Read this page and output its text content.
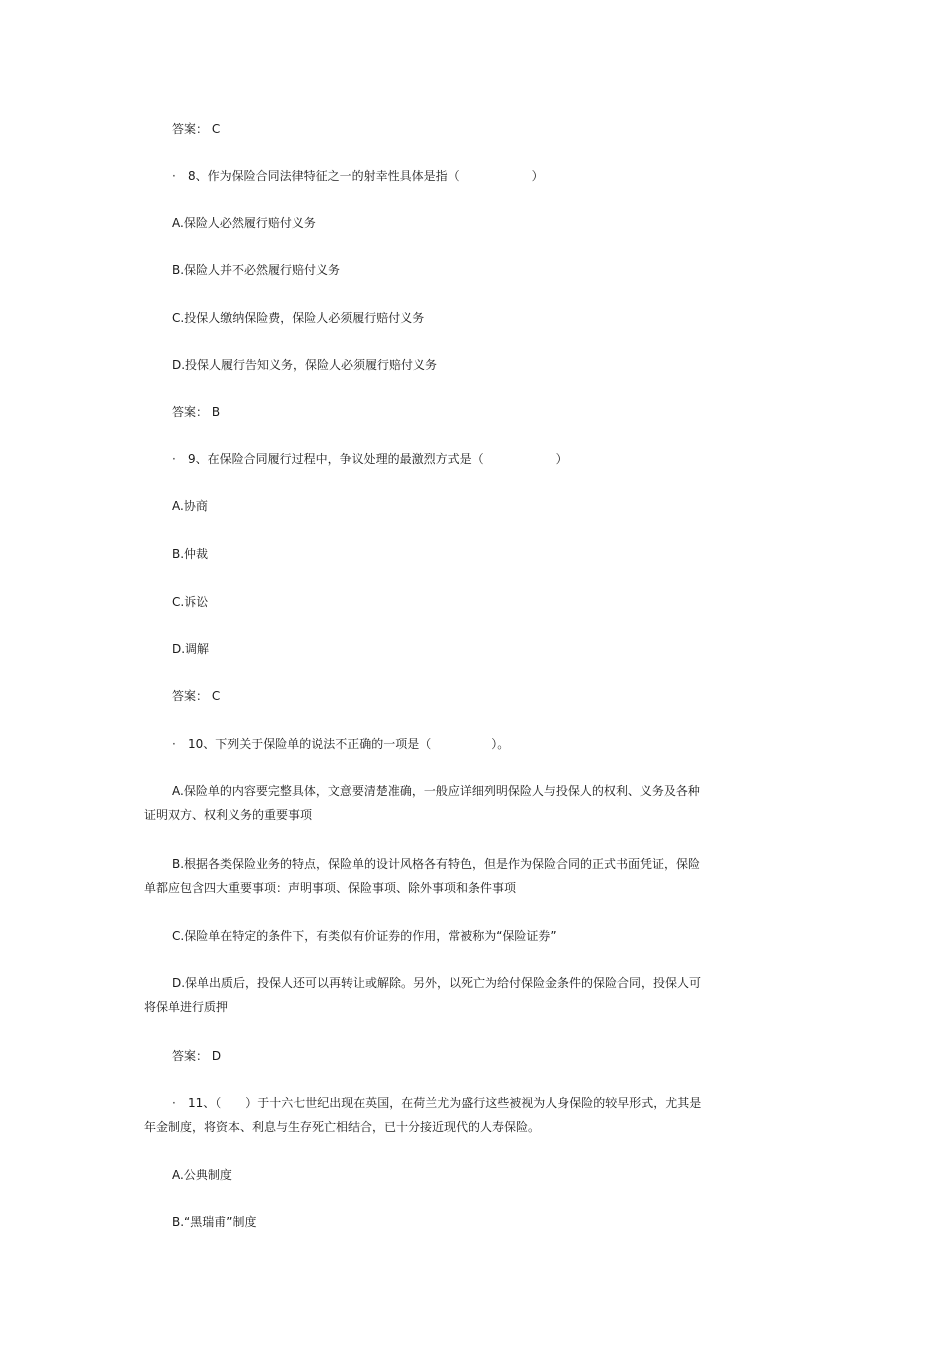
答案： C
· 8、作为保险合同法律特征之一的射幸性具体是指（　　　　　　）
A.保险人必然履行赔付义务
B.保险人并不必然履行赔付义务
C.投保人缴纳保险费，保险人必须履行赔付义务
D.投保人履行告知义务，保险人必须履行赔付义务
答案： B
· 9、在保险合同履行过程中，争议处理的最激烈方式是（　　　　　　）
A.协商
B.仲裁
C.诉讼
D.调解
答案： C
· 10、下列关于保险单的说法不正确的一项是（　　　　　）。
A.保险单的内容要完整具体，文意要清楚准确，一般应详细列明保险人与投保人的权利、义务及各种
证明双方、权利义务的重要事项
B.根据各类保险业务的特点，保险单的设计风格各有特色，但是作为保险合同的正式书面凭证，保险
单都应包含四大重要事项：声明事项、保险事项、除外事项和条件事项
C.保险单在特定的条件下，有类似有价证券的作用，常被称为“保险证券”
D.保单出质后，投保人还可以再转让或解除。另外，以死亡为给付保险金条件的保险合同，投保人可
将保单进行质押
答案： D
· 11、（　　）于十六七世纪出现在英国，在荷兰尤为盛行这些被视为人身保险的较早形式，尤其是
年金制度，将资本、利息与生存死亡相结合，已十分接近现代的人寿保险。
A.公典制度
B.“黑瑞甫”制度
